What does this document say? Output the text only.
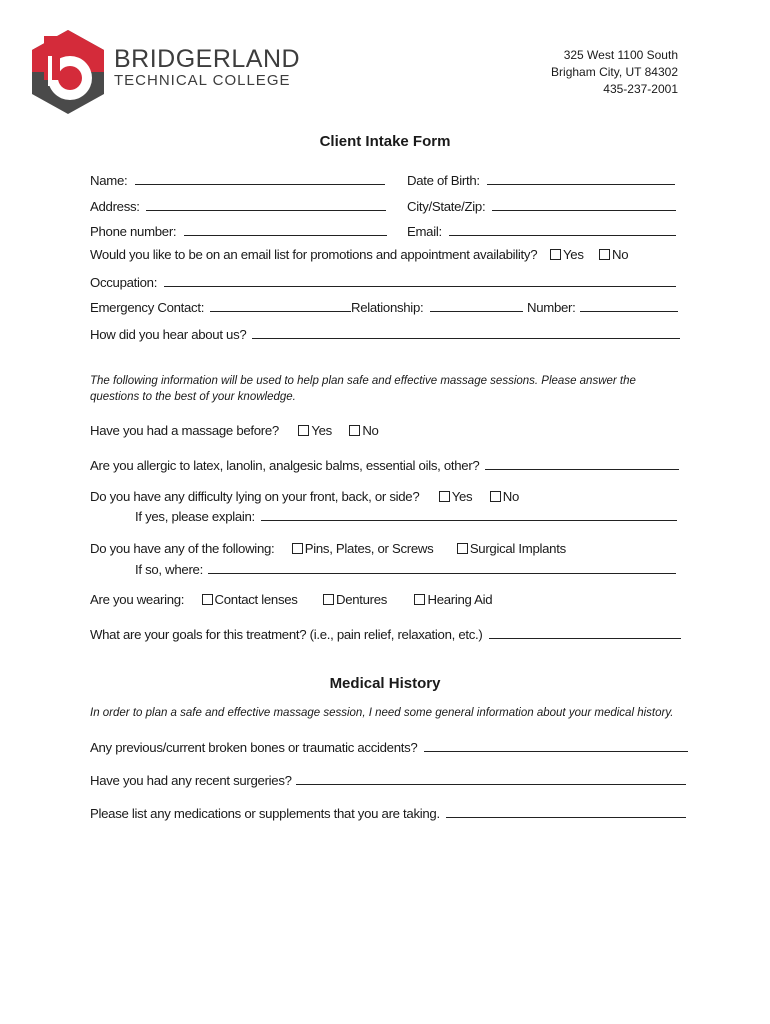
BRIDGERLAND
TECHNICAL COLLEGE
325 West 1100 South
Brigham City, UT 84302
435-237-2001
Client Intake Form
Name:	Date of Birth:
Address:	City/State/Zip:
Phone number:	Email:
Would you like to be on an email list for promotions and appointment availability?	Yes No
Occupation:
Emergency Contact:	Relationship:	Number:
How did you hear about us?
The following information will be used to help plan safe and effective massage sessions. Please answer the
questions to the best of your knowledge.
Have you had a massage before? Yes No
Are you allergic to latex, lanolin, analgesic balms, essential oils, other?
Do you have any difficulty lying on your front, back, or side? Yes No
If yes, please explain:
Do you have any of the following: Pins, Plates, or Screws	Surgical Implants
If so, where:
Are you wearing: Contact lenses	Dentures	Hearing Aid
What are your goals for this treatment? (i.e., pain relief, relaxation, etc.)
Medical History
In order to plan a safe and effective massage session, I need some general information about your medical history.
Any previous/current broken bones or traumatic accidents?
Have you had any recent surgeries?
Please list any medications or supplements that you are taking.
